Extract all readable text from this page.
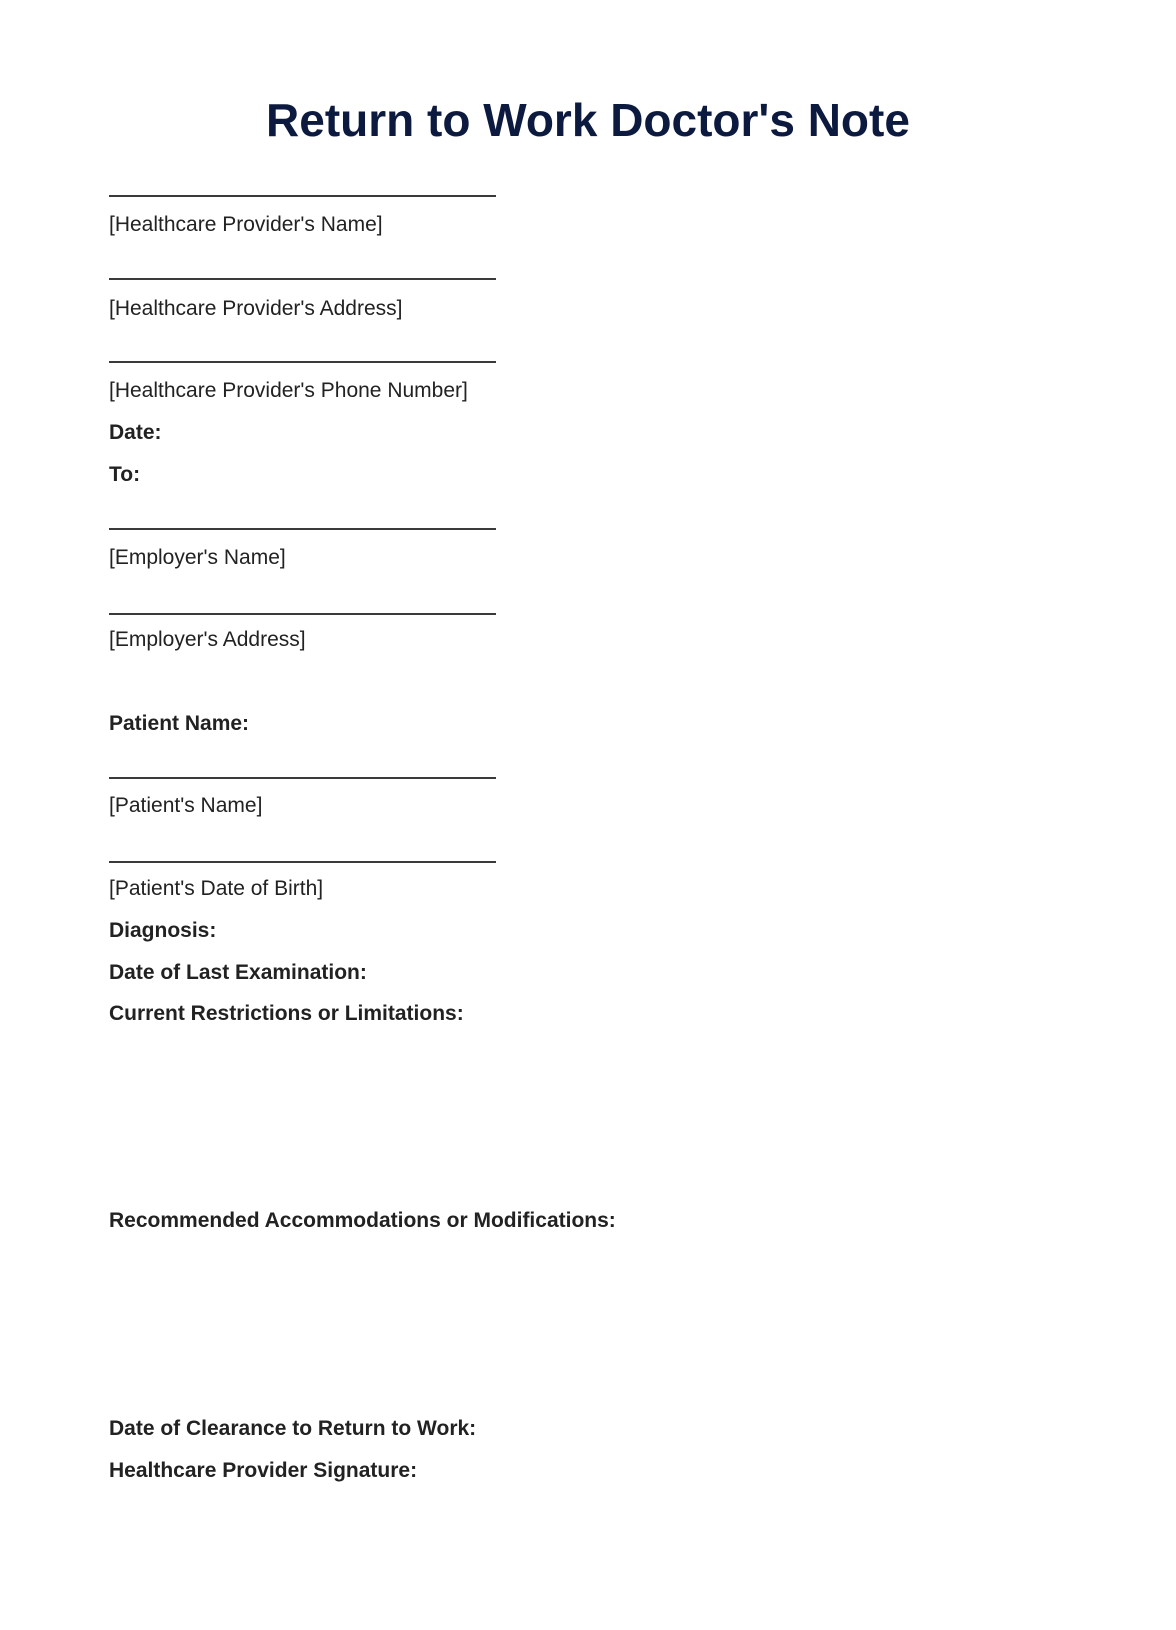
Return to Work Doctor's Note
[Healthcare Provider's Name]
[Healthcare Provider's Address]
[Healthcare Provider's Phone Number]
Date:
To:
[Employer's Name]
[Employer's Address]
Patient Name:
[Patient's Name]
[Patient's Date of Birth]
Diagnosis:
Date of Last Examination:
Current Restrictions or Limitations:
Recommended Accommodations or Modifications:
Date of Clearance to Return to Work:
Healthcare Provider Signature:
